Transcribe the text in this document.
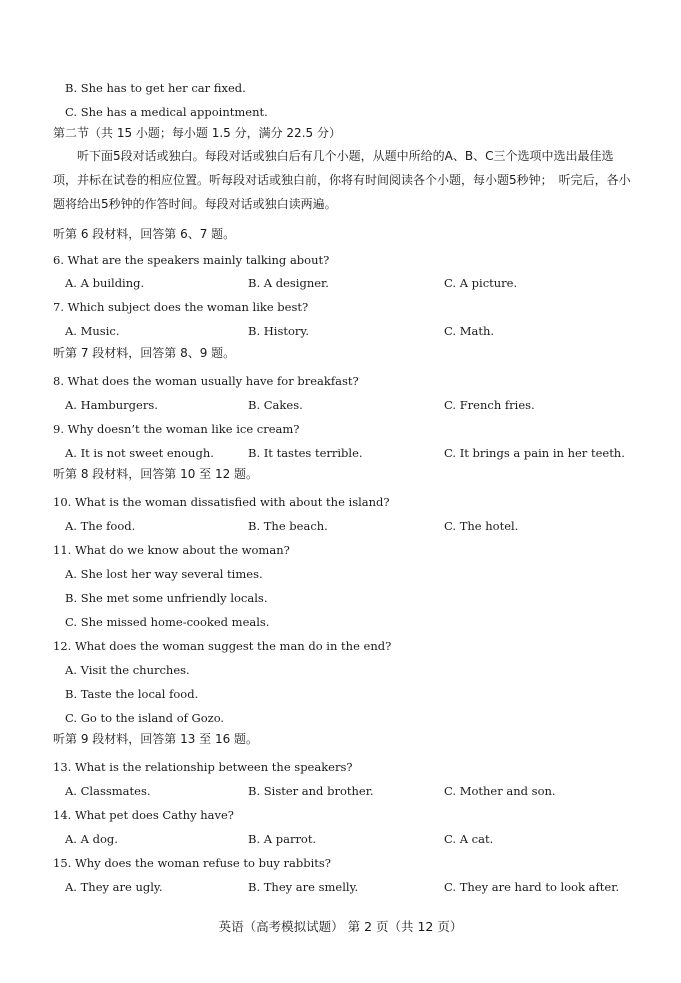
B. She has to get her car fixed.
C. She has a medical appointment.
第二节（共 15 小题；每小题 1.5 分，满分 22.5 分）
　　听下面5段对话或独白。每段对话或独白后有几个小题，从题中所给的A、B、C三个选项中选出最佳选项，并标在试卷的相应位置。听每段对话或独白前，你将有时间阅读各个小题，每小题5秒钟；　听完后，各小题将给出5秒钟的作答时间。每段对话或独白读两遍。
听第 6 段材料，回答第 6、7 题。
6. What are the speakers mainly talking about?
A. A building.	B. A designer.	C. A picture.
7. Which subject does the woman like best?
A. Music.	B. History.	C. Math.
听第 7 段材料，回答第 8、9 题。
8. What does the woman usually have for breakfast?
A. Hamburgers.	B. Cakes.	C. French fries.
9. Why doesn’t the woman like ice cream?
A. It is not sweet enough.	B. It tastes terrible.	C. It brings a pain in her teeth.
听第 8 段材料，回答第 10 至 12 题。
10. What is the woman dissatisfied with about the island?
A. The food.	B. The beach.	C. The hotel.
11. What do we know about the woman?
A. She lost her way several times.
B. She met some unfriendly locals.
C. She missed home-cooked meals.
12. What does the woman suggest the man do in the end?
A. Visit the churches.
B. Taste the local food.
C. Go to the island of Gozo.
听第 9 段材料，回答第 13 至 16 题。
13. What is the relationship between the speakers?
A. Classmates.	B. Sister and brother.	C. Mother and son.
14. What pet does Cathy have?
A. A dog.	B. A parrot.	C. A cat.
15. Why does the woman refuse to buy rabbits?
A. They are ugly.	B. They are smelly.	C. They are hard to look after.
英语（高考模拟试题） 第 2 页（共 12 页）
